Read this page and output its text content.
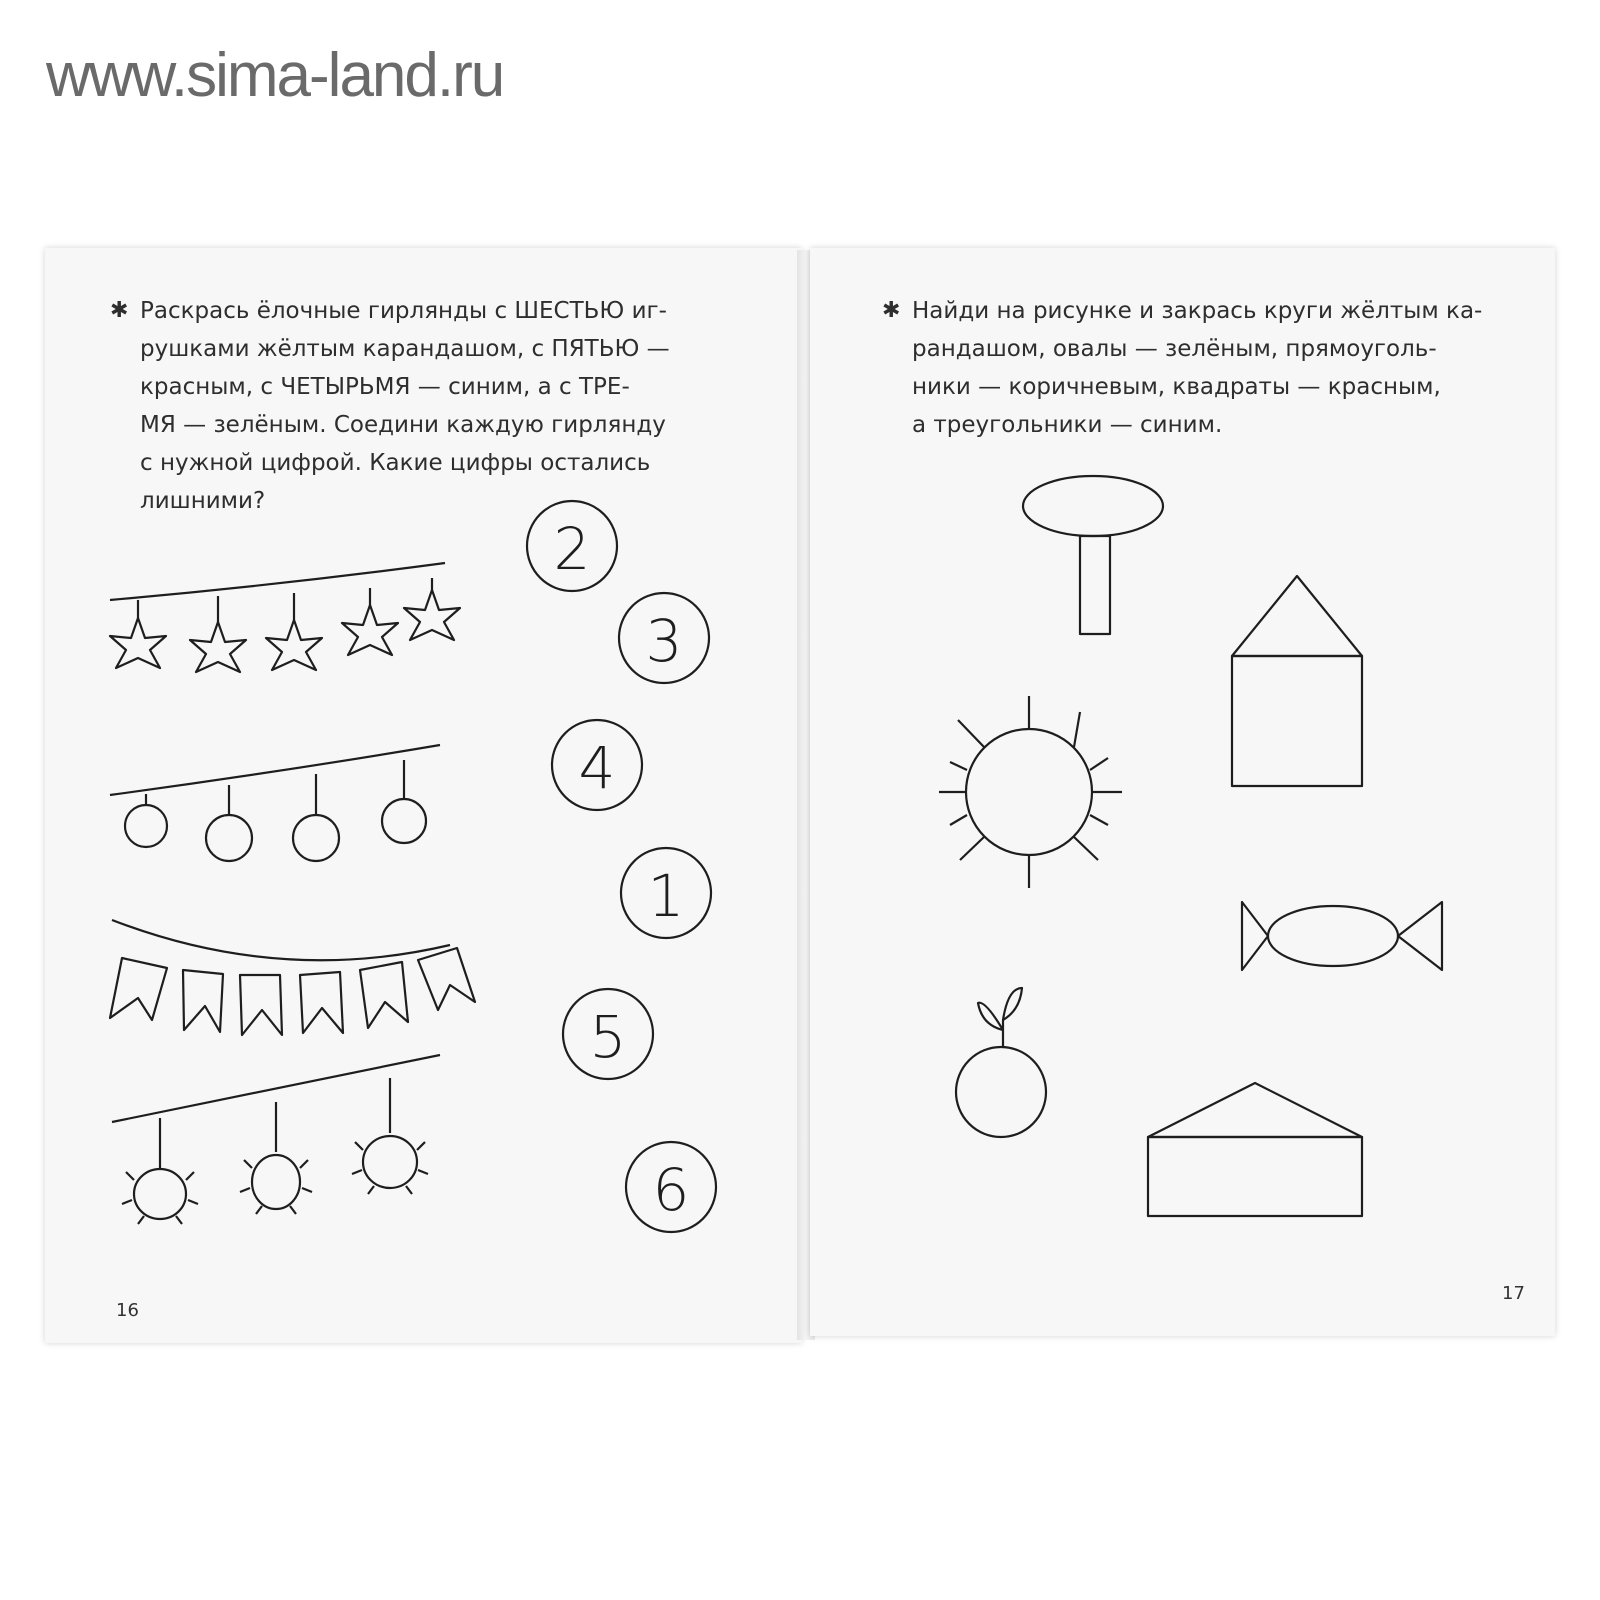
www.sima-land.ru
✱ Раскрась ёлочные гирлянды с ШЕСТЬЮ иг-
рушками жёлтым карандашом, с ПЯТЬЮ —
красным, с ЧЕТЫРЬМЯ — синим, а с ТРЕ-
МЯ — зелёным. Соедини каждую гирлянду
с нужной цифрой. Какие цифры остались
лишними?
✱ Найди на рисунке и закрась круги жёлтым ка-
рандашом, овалы — зелёным, прямоуголь-
ники — коричневым, квадраты — красным,
а треугольники — синим.
2
3
4
1
5
6
16
17
